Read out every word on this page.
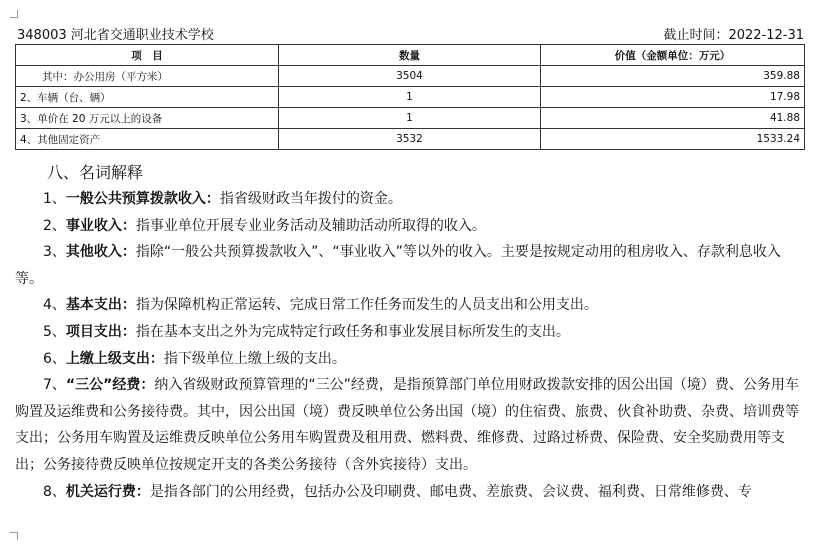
348003 河北省交通职业技术学校	截止时间：2022-12-31
项　目	数量	价值（金额单位：万元）
其中：办公用房（平方米）	3504	359.88
2、车辆（台、辆）	1	17.98
3、单价在 20 万元以上的设备	1	41.88
4、其他固定资产	3532	1533.24
八、名词解释

1、一般公共预算拨款收入：指省级财政当年拨付的资金。

2、事业收入：指事业单位开展专业业务活动及辅助活动所取得的收入。

3、其他收入：指除“一般公共预算拨款收入”、“事业收入”等以外的收入。主要是按规定动用的租房收入、存款利息收入等。

4、基本支出：指为保障机构正常运转、完成日常工作任务而发生的人员支出和公用支出。

5、项目支出：指在基本支出之外为完成特定行政任务和事业发展目标所发生的支出。

6、上缴上级支出：指下级单位上缴上级的支出。

7、“三公”经费：纳入省级财政预算管理的“三公”经费，是指预算部门单位用财政拨款安排的因公出国（境）费、公务用车购置及运维费和公务接待费。其中，因公出国（境）费反映单位公务出国（境）的住宿费、旅费、伙食补助费、杂费、培训费等支出；公务用车购置及运维费反映单位公务用车购置费及租用费、燃料费、维修费、过路过桥费、保险费、安全奖励费用等支出；公务接待费反映单位按规定开支的各类公务接待（含外宾接待）支出。

8、机关运行费：是指各部门的公用经费，包括办公及印刷费、邮电费、差旅费、会议费、福利费、日常维修费、专
